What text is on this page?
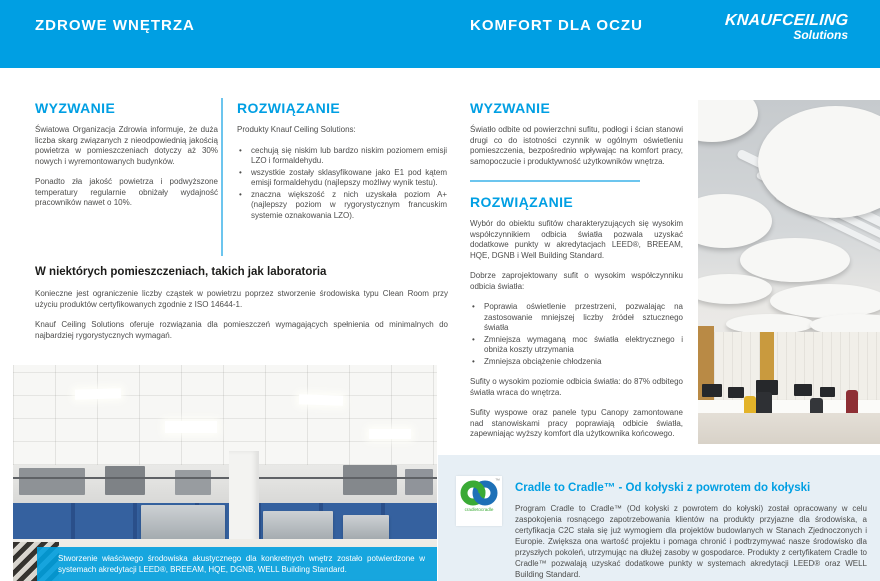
ZDROWE WNĘTRZA	KOMFORT DLA OCZU	KNAUFCEILING
Solutions
WYZWANIE

Światowa Organizacja Zdrowia informuje, że duża liczba skarg związanych z nieodpowiednią jakością powietrza w pomieszczeniach dotyczy aż 30% nowych i wyremontowanych budynków.

Ponadto zła jakość powietrza i podwyższone temperatury regularnie obniżały wydajność pracowników nawet o 10%.

ROZWIĄZANIE

Produkty Knauf Ceiling Solutions:

• cechują się niskim lub bardzo niskim poziomem emisji LZO i formaldehydu.
• wszystkie zostały sklasyfikowane jako E1 pod kątem emisji formaldehydu (najlepszy możliwy wynik testu).
• znaczna większość z nich uzyskała poziom A+ (najlepszy poziom w rygorystycznym francuskim systemie oznakowania LZO).
W niektórych pomieszczeniach, takich jak laboratoria

Konieczne jest ograniczenie liczby cząstek w powietrzu poprzez stworzenie środowiska typu Clean Room przy użyciu produktów certyfikowanych zgodnie z ISO 14644-1.

Knauf Ceiling Solutions oferuje rozwiązania dla pomieszczeń wymagających spełnienia od minimalnych do najbardziej rygorystycznych wymagań.

WYZWANIE

Światło odbite od powierzchni sufitu, podłogi i ścian stanowi drugi co do istotności czynnik w ogólnym oświetleniu pomieszczenia, bezpośrednio wpływając na komfort pracy, samopoczucie i produktywność użytkowników wnętrza.

ROZWIĄZANIE

Wybór do obiektu sufitów charakteryzujących się wysokim współczynnikiem odbicia światła pozwala uzyskać dodatkowe punkty w akredytacjach LEED®, BREEAM, HQE, DGNB i Well Building Standard.

Dobrze zaprojektowany sufit o wysokim współczynniku odbicia światła:

• Poprawia oświetlenie przestrzeni, pozwalając na zastosowanie mniejszej liczby źródeł sztucznego światła
• Zmniejsza wymaganą moc światła elektrycznego i obniża koszty utrzymania
• Zmniejsza obciążenie chłodzenia

Sufity o wysokim poziomie odbicia światła: do 87% odbitego światła wraca do wnętrza.

Sufity wyspowe oraz panele typu Canopy zamontowane nad stanowiskami pracy poprawiają odbicie światła, zapewniając wyższy komfort dla użytkownika końcowego.

Stworzenie właściwego środowiska akustycznego dla konkretnych wnętrz zostało potwierdzone w systemach akredytacji LEED®, BREEAM, HQE, DGNB, WELL Building Standard.
™
cradletocradle
Cradle to Cradle™ - Od kołyski z powrotem do kołyski

Program Cradle to Cradle™ (Od kołyski z powrotem do kołyski) został opracowany w celu zaspokojenia rosnącego zapotrzebowania klientów na produkty przyjazne dla środowiska, a certyfikacja C2C stała się już wymogiem dla projektów budowlanych w Stanach Zjednoczonych i Europie. Zwiększa ona wartość projektu i pomaga chronić i podtrzymywać nasze środowisko dla przyszłych pokoleń, utrzymując na dłużej zasoby w gospodarce. Produkty z certyfikatem Cradle to Cradle™ pozwalają uzyskać dodatkowe punkty w systemach akredytacji LEED® oraz WELL Building Standard.
